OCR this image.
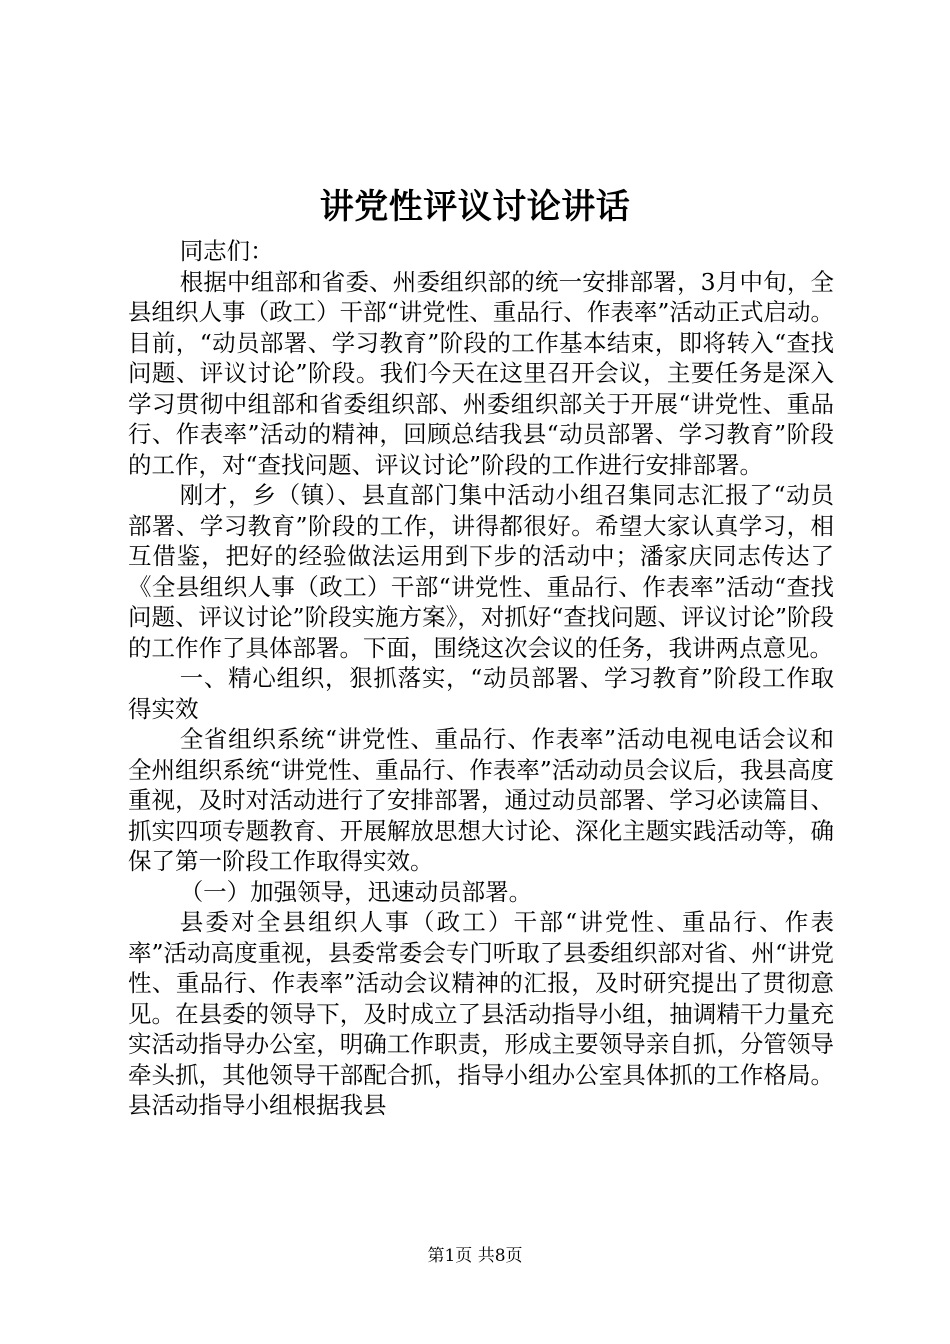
讲党性评议讨论讲话

同志们：

根据中组部和省委、州委组织部的统一安排部署，3月中旬，全县组织人事（政工）干部“讲党性、重品行、作表率”活动正式启动。目前，“动员部署、学习教育”阶段的工作基本结束，即将转入“查找问题、评议讨论”阶段。我们今天在这里召开会议，主要任务是深入学习贯彻中组部和省委组织部、州委组织部关于开展“讲党性、重品行、作表率”活动的精神，回顾总结我县“动员部署、学习教育”阶段的工作，对“查找问题、评议讨论”阶段的工作进行安排部署。

刚才，乡（镇）、县直部门集中活动小组召集同志汇报了“动员部署、学习教育”阶段的工作，讲得都很好。希望大家认真学习，相互借鉴，把好的经验做法运用到下步的活动中；潘家庆同志传达了《全县组织人事（政工）干部“讲党性、重品行、作表率”活动“查找问题、评议讨论”阶段实施方案》，对抓好“查找问题、评议讨论”阶段的工作作了具体部署。下面，围绕这次会议的任务，我讲两点意见。

一、精心组织，狠抓落实，“动员部署、学习教育”阶段工作取得实效

全省组织系统“讲党性、重品行、作表率”活动电视电话会议和全州组织系统“讲党性、重品行、作表率”活动动员会议后，我县高度重视，及时对活动进行了安排部署，通过动员部署、学习必读篇目、抓实四项专题教育、开展解放思想大讨论、深化主题实践活动等，确保了第一阶段工作取得实效。

（一）加强领导，迅速动员部署。

县委对全县组织人事（政工）干部“讲党性、重品行、作表率”活动高度重视，县委常委会专门听取了县委组织部对省、州“讲党性、重品行、作表率”活动会议精神的汇报，及时研究提出了贯彻意见。在县委的领导下，及时成立了县活动指导小组，抽调精干力量充实活动指导办公室，明确工作职责，形成主要领导亲自抓，分管领导牵头抓，其他领导干部配合抓，指导小组办公室具体抓的工作格局。县活动指导小组根据我县

第1页 共8页
